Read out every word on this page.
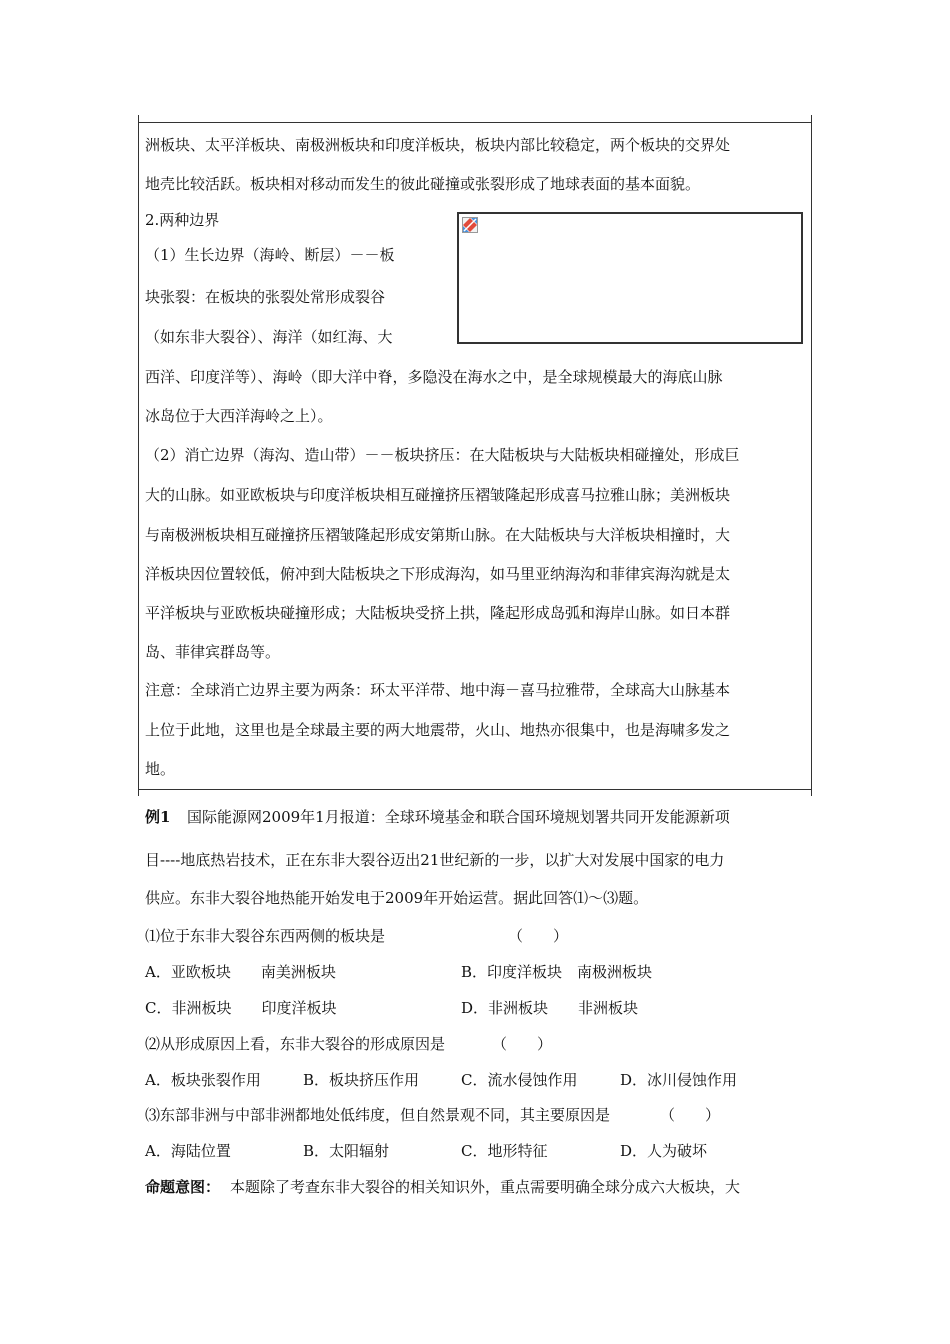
洲板块、太平洋板块、南极洲板块和印度洋板块，板块内部比较稳定，两个板块的交界处
地壳比较活跃。板块相对移动而发生的彼此碰撞或张裂形成了地球表面的基本面貌。
2.两种边界
（1）生长边界（海岭、断层）－－板
块张裂：在板块的张裂处常形成裂谷
（如东非大裂谷）、海洋（如红海、大
西洋、印度洋等）、海岭（即大洋中脊，多隐没在海水之中，是全球规模最大的海底山脉
冰岛位于大西洋海岭之上）。
（2）消亡边界（海沟、造山带）－－板块挤压：在大陆板块与大陆板块相碰撞处，形成巨
大的山脉。如亚欧板块与印度洋板块相互碰撞挤压褶皱隆起形成喜马拉雅山脉；美洲板块
与南极洲板块相互碰撞挤压褶皱隆起形成安第斯山脉。在大陆板块与大洋板块相撞时，大
洋板块因位置较低，俯冲到大陆板块之下形成海沟，如马里亚纳海沟和菲律宾海沟就是太
平洋板块与亚欧板块碰撞形成；大陆板块受挤上拱，隆起形成岛弧和海岸山脉。如日本群
岛、菲律宾群岛等。
注意：全球消亡边界主要为两条：环太平洋带、地中海－喜马拉雅带，全球高大山脉基本
上位于此地，这里也是全球最主要的两大地震带，火山、地热亦很集中，也是海啸多发之
地。
例1 国际能源网2009年1月报道：全球环境基金和联合国环境规划署共同开发能源新项
目----地底热岩技术，正在东非大裂谷迈出21世纪新的一步，以扩大对发展中国家的电力
供应。东非大裂谷地热能开始发电于2009年开始运营。据此回答⑴～⑶题。
⑴位于东非大裂谷东西两侧的板块是	（　　）
A．亚欧板块　　南美洲板块	B．印度洋板块　南极洲板块
C．非洲板块　　印度洋板块	D．非洲板块　　非洲板块
⑵从形成原因上看，东非大裂谷的形成原因是	（　　）
A．板块张裂作用	B．板块挤压作用	C．流水侵蚀作用	D．冰川侵蚀作用
⑶东部非洲与中部非洲都地处低纬度，但自然景观不同，其主要原因是	（　　）
A．海陆位置	B．太阳辐射	C．地形特征	D．人为破坏
命题意图： 本题除了考查东非大裂谷的相关知识外，重点需要明确全球分成六大板块，大
